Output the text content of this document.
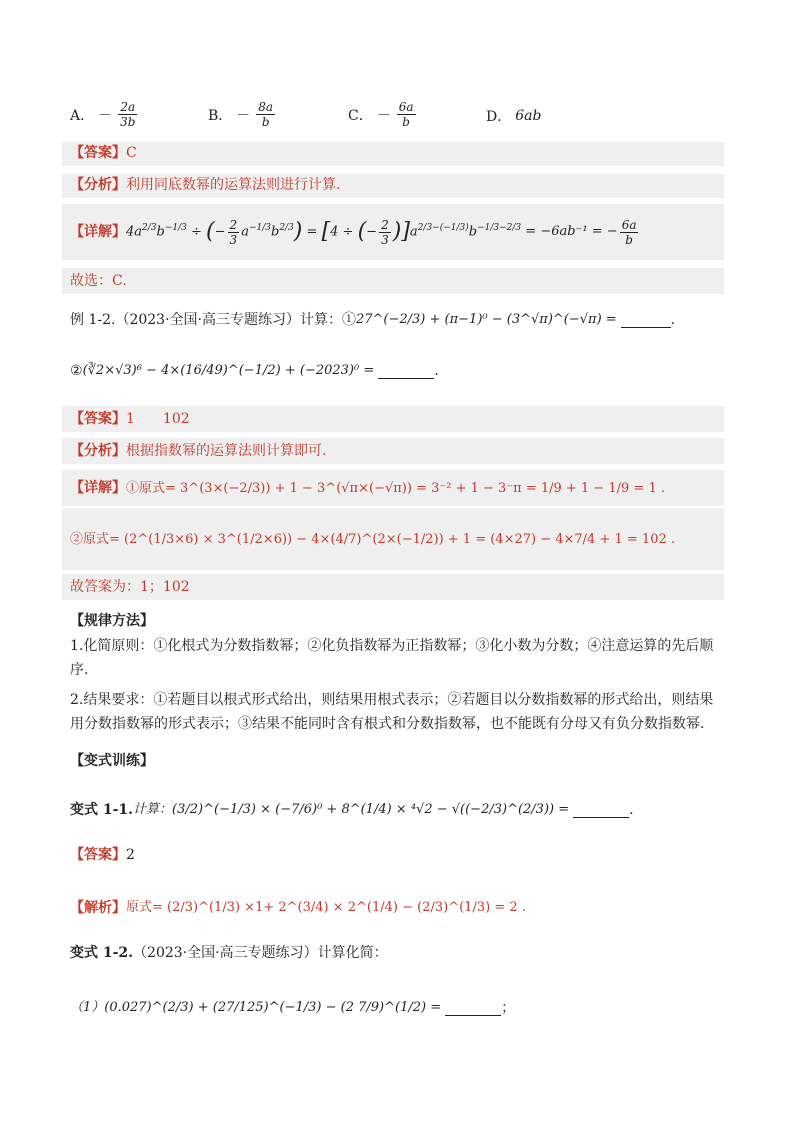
A． － $\frac{2a}{3b}$	B． － $\frac{8a}{b}$	C． － $\frac{6a}{b}$	D． 6ab
【答案】C
【分析】利用同底数幂的运算法则进行计算.
【详解】 $4a^{2/3}b^{-1/3}$ ÷ (− $\frac{2}{3} a^{-1/3}b^{2/3}) = [4$ ÷ (− $\frac{2}{3} )]a^{2/3-(-1/3)}b^{-1/3-2/3} = -6ab^{-1}$ = − $\frac{6a}{b}$
故选：C.
例 1-2.（2023·全国·高三专题练习）计算：① 27^(−2/3) + (π−1)⁰ − (3^√π)^(−√π) =	.
② (∛2×√3)⁶ − 4×(16/49)^(−1/2) + (−2023)⁰ =	.
【答案】1　　102
【分析】根据指数幂的运算法则计算即可.
【详解】①原式= 3^(3×(−2/3)) + 1 − 3^(√π×(−√π)) = 3⁻² + 1 − 3⁻π = 1/9 + 1 − 1/9 = 1 .
②原式= (2^(1/3×6) × 3^(1/2×6)) − 4×(4/7)^(2×(−1/2)) + 1 = (4×27) − 4×7/4 + 1 = 102 .
故答案为：1；102
【规律方法】
1.化简原则：①化根式为分数指数幂；②化负指数幂为正指数幂；③化小数为分数；④注意运算的先后顺序.
2.结果要求：①若题目以根式形式给出，则结果用根式表示；②若题目以分数指数幂的形式给出，则结果用分数指数幂的形式表示；③结果不能同时含有根式和分数指数幂，也不能既有分母又有负分数指数幂.
【变式训练】
变式 1-1. 计算：(3/2)^(−1/3) × (−7/6)⁰ + 8^(1/4) × ⁴√2 − √((−2/3)^(2/3)) =	.
【答案】2
【解析】 原式= (2/3)^(1/3) ×1+ 2^(3/4) × 2^(1/4) − (2/3)^(1/3) = 2 .
变式 1-2.（2023·全国·高三专题练习）计算化简：
（1）(0.027)^(2/3) + (27/125)^(−1/3) − (2 7/9)^(1/2) =	；
